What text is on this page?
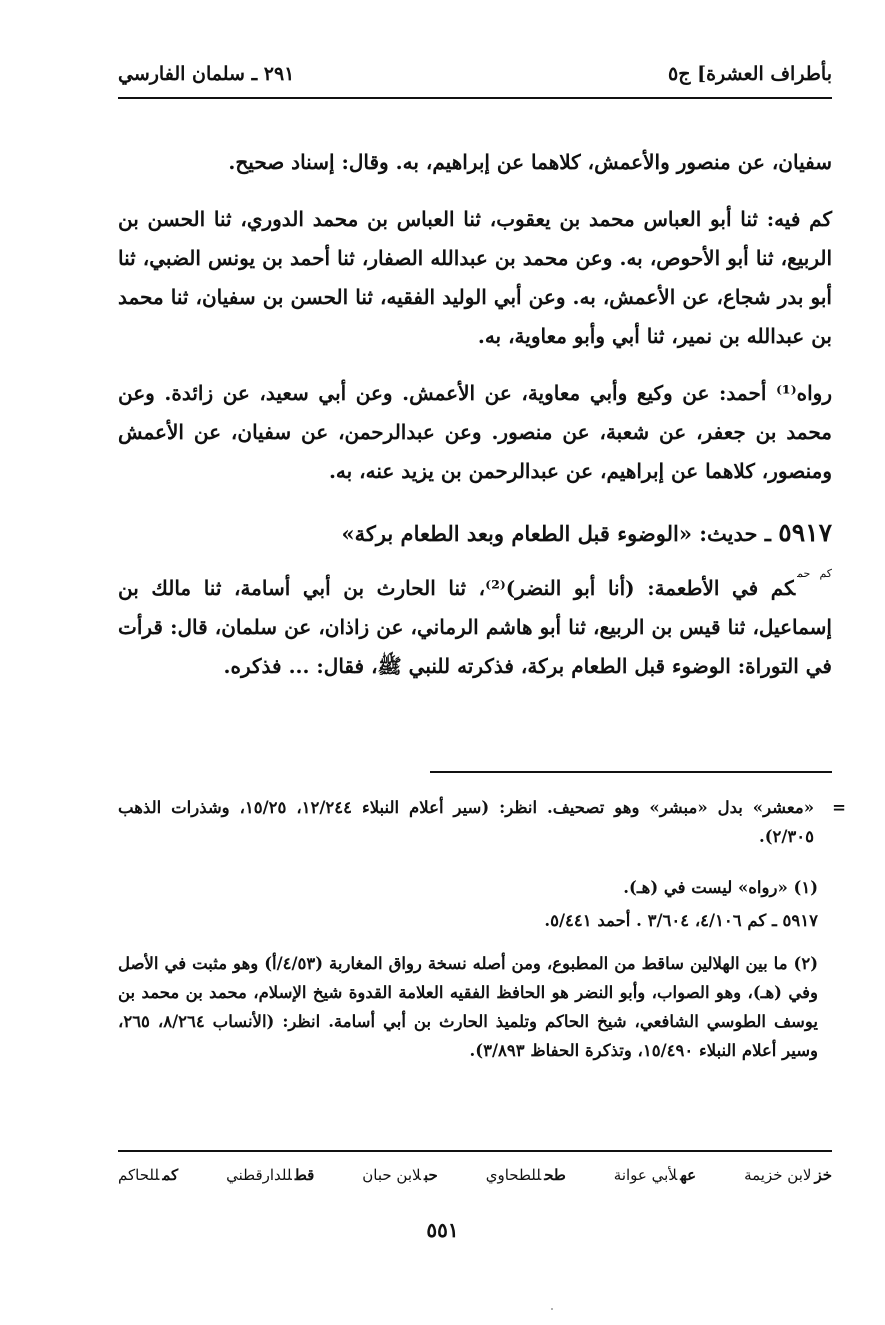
بأطراف العشرة] ج٥
٢٩١ ـ سلمان الفارسي

سفيان، عن منصور والأعمش، كلاهما عن إبراهيم، به. وقال: إسناد صحيح.

كم فيه: ثنا أبو العباس محمد بن يعقوب، ثنا العباس بن محمد الدوري، ثنا الحسن بن الربيع، ثنا أبو الأحوص، به. وعن محمد بن عبدالله الصفار، ثنا أحمد بن يونس الضبي، ثنا أبو بدر شجاع، عن الأعمش، به. وعن أبي الوليد الفقيه، ثنا الحسن بن سفيان، ثنا محمد بن عبدالله بن نمير، ثنا أبي وأبو معاوية، به.

رواه⁽¹⁾ أحمد: عن وكيع وأبي معاوية، عن الأعمش. وعن أبي سعيد، عن زائدة. وعن محمد بن جعفر، عن شعبة، عن منصور. وعن عبدالرحمن، عن سفيان، عن الأعمش ومنصور، كلاهما عن إبراهيم، عن عبدالرحمن بن يزيد عنه، به.

٥٩١٧ ـ حديث: «الوضوء قبل الطعام وبعد الطعام بركة»

$^{كم حم}$كم في الأطعمة: (أنا أبو النضر)⁽²⁾، ثنا الحارث بن أبي أسامة، ثنا مالك بن إسماعيل، ثنا قيس بن الربيع، ثنا أبو هاشم الرماني، عن زاذان، عن سلمان، قال: قرأت في التوراة: الوضوء قبل الطعام بركة، فذكرته للنبي ﷺ، فقال: ... فذكره.

=
«معشر» بدل «مبشر» وهو تصحيف. انظر: (سير أعلام النبلاء ١٢/٢٤٤، ١٥/٢٥، وشذرات الذهب ٢/٣٠٥).

(١) «رواه» ليست في (هـ).

٥٩١٧ ـ كم ٤/١٠٦، ٣/٦٠٤ . أحمد ٥/٤٤١.

(٢) ما بين الهلالين ساقط من المطبوع، ومن أصله نسخة رواق المغاربة (٤/٥٣/أ) وهو مثبت في الأصل وفي (هـ)، وهو الصواب، وأبو النضر هو الحافظ الفقيه العلامة القدوة شيخ الإسلام، محمد بن محمد بن يوسف الطوسي الشافعي، شيخ الحاكم وتلميذ الحارث بن أبي أسامة. انظر: (الأنساب ٨/٢٦٤، ٢٦٥، وسير أعلام النبلاء ١٥/٤٩٠، وتذكرة الحفاظ ٣/٨٩٣).

خزلابن خزيمة
عهلأبي عوانة
طحللطحاوي
حبلابن حبان
قطللدارقطني
كمللحاكم
٥٥١
